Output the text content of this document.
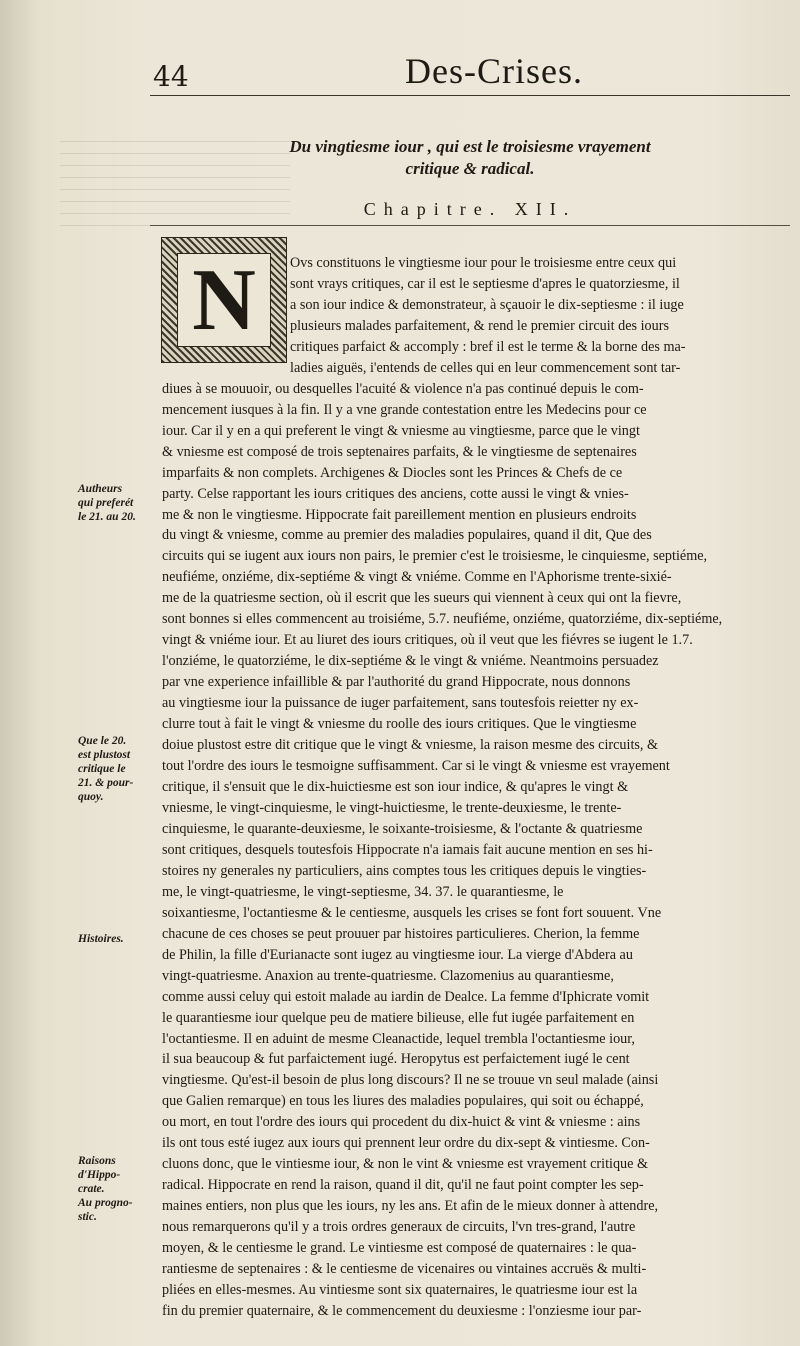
44	Des-Crises.
Du vingtiesme iour , qui est le troisiesme vrayement
critique & radical.
Chapitre. XII.
N	Ovs constituons le vingtiesme iour pour le troisiesme entre ceux qui
sont vrays critiques, car il est le septiesme d'apres le quatorziesme, il
a son iour indice & demonstrateur, à sçauoir le dix-septiesme : il iuge
plusieurs malades parfaitement, & rend le premier circuit des iours
critiques parfaict & accomply : bref il est le terme & la borne des ma-
ladies aiguës, i'entends de celles qui en leur commencement sont tar-
diues à se mouuoir, ou desquelles l'acuité & violence n'a pas continué depuis le com-
mencement iusques à la fin. Il y a vne grande contestation entre les Medecins pour ce
iour. Car il y en a qui preferent le vingt & vniesme au vingtiesme, parce que le vingt
& vniesme est composé de trois septenaires parfaits, & le vingtiesme de septenaires
imparfaits & non complets. Archigenes & Diocles sont les Princes & Chefs de ce
party. Celse rapportant les iours critiques des anciens, cotte aussi le vingt & vnies-
me & non le vingtiesme. Hippocrate fait pareillement mention en plusieurs endroits
du vingt & vniesme, comme au premier des maladies populaires, quand il dit, Que des
circuits qui se iugent aux iours non pairs, le premier c'est le troisiesme, le cinquiesme, septiéme,
neufiéme, onziéme, dix-septiéme & vingt & vniéme. Comme en l'Aphorisme trente-sixié-
me de la quatriesme section, où il escrit que les sueurs qui viennent à ceux qui ont la fievre,
sont bonnes si elles commencent au troisiéme, 5.7. neufiéme, onziéme, quatorziéme, dix-septiéme,
vingt & vniéme iour. Et au liuret des iours critiques, où il veut que les fiévres se iugent le 1.7.
l'onziéme, le quatorziéme, le dix-septiéme & le vingt & vniéme. Neantmoins persuadez
par vne experience infaillible & par l'authorité du grand Hippocrate, nous donnons
au vingtiesme iour la puissance de iuger parfaitement, sans toutesfois reietter ny ex-
clurre tout à fait le vingt & vniesme du roolle des iours critiques. Que le vingtiesme
doiue plustost estre dit critique que le vingt & vniesme, la raison mesme des circuits, &
tout l'ordre des iours le tesmoigne suffisamment. Car si le vingt & vniesme est vrayement
critique, il s'ensuit que le dix-huictiesme est son iour indice, & qu'apres le vingt &
vniesme, le vingt-cinquiesme, le vingt-huictiesme, le trente-deuxiesme, le trente-
cinquiesme, le quarante-deuxiesme, le soixante-troisiesme, & l'octante & quatriesme
sont critiques, desquels toutesfois Hippocrate n'a iamais fait aucune mention en ses hi-
stoires ny generales ny particuliers, ains comptes tous les critiques depuis le vingties-
me, le vingt-quatriesme, le vingt-septiesme, 34. 37. le quarantiesme, le
soixantiesme, l'octantiesme & le centiesme, ausquels les crises se font fort souuent. Vne
chacune de ces choses se peut prouuer par histoires particulieres. Cherion, la femme
de Philin, la fille d'Eurianacte sont iugez au vingtiesme iour. La vierge d'Abdera au
vingt-quatriesme. Anaxion au trente-quatriesme. Clazomenius au quarantiesme,
comme aussi celuy qui estoit malade au iardin de Dealce. La femme d'Iphicrate vomit
le quarantiesme iour quelque peu de matiere bilieuse, elle fut iugée parfaitement en
l'octantiesme. Il en aduint de mesme Cleanactide, lequel trembla l'octantiesme iour,
il sua beaucoup & fut parfaictement iugé. Heropytus est perfaictement iugé le cent
vingtiesme. Qu'est-il besoin de plus long discours? Il ne se trouue vn seul malade (ainsi
que Galien remarque) en tous les liures des maladies populaires, qui soit ou échappé,
ou mort, en tout l'ordre des iours qui procedent du dix-huict & vint & vniesme : ains
ils ont tous esté iugez aux iours qui prennent leur ordre du dix-sept & vintiesme. Con-
cluons donc, que le vintiesme iour, & non le vint & vniesme est vrayement critique &
radical. Hippocrate en rend la raison, quand il dit, qu'il ne faut point compter les sep-
maines entiers, non plus que les iours, ny les ans. Et afin de le mieux donner à attendre,
nous remarquerons qu'il y a trois ordres generaux de circuits, l'vn tres-grand, l'autre
moyen, & le centiesme le grand. Le vintiesme est composé de quaternaires : le qua-
rantiesme de septenaires : & le centiesme de vicenaires ou vintaines accruës & multi-
pliées en elles-mesmes. Au vintiesme sont six quaternaires, le quatriesme iour est la
fin du premier quaternaire, & le commencement du deuxiesme : l'onziesme iour par-
Autheurs
qui preferét
le 21. au 20.
Que le 20.
est plustost
critique le
21. & pour-
quoy.
Histoires.
Raisons
d'Hippo-
crate.
Au progno-
stic.
